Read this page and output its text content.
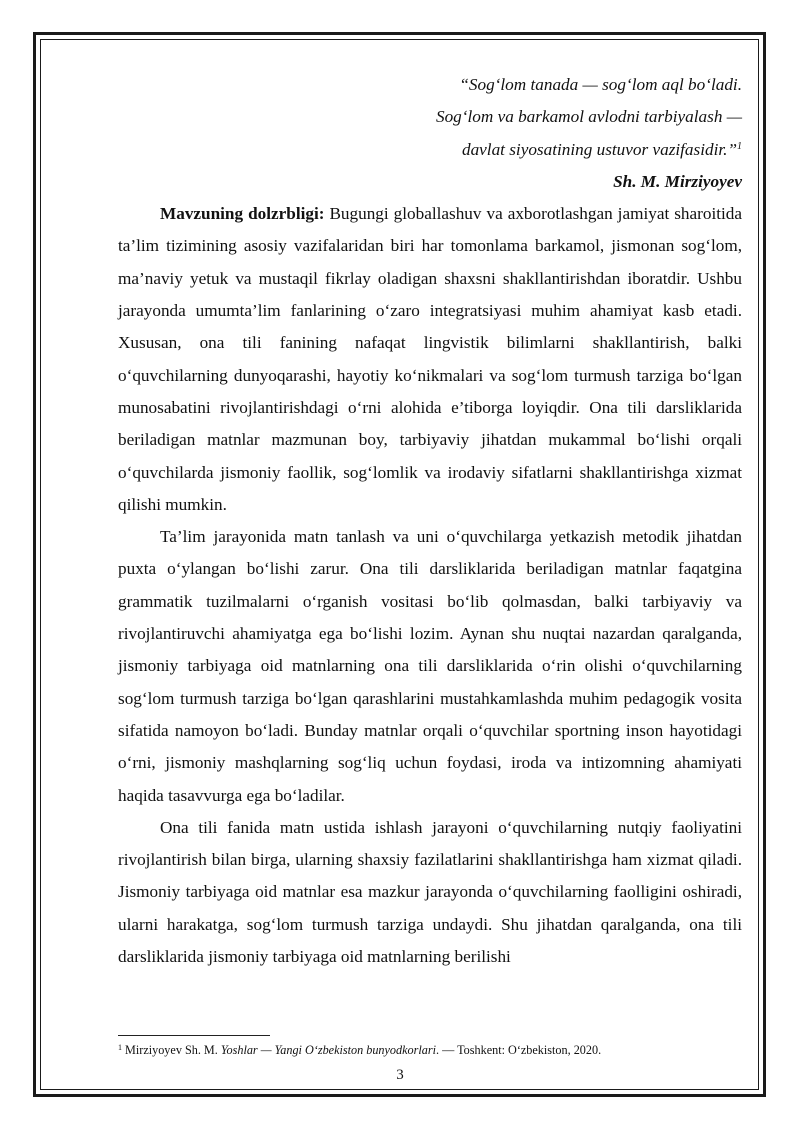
“Sog‘lom tanada — sog‘lom aql bo‘ladi.
Sog‘lom va barkamol avlodni tarbiyalash —
davlat siyosatining ustuvor vazifasidir.”$^1$
Sh. M. Mirziyoyev

Mavzuning dolzrbligi: Bugungi globallashuv va axborotlashgan jamiyat sharoitida ta’lim tizimining asosiy vazifalaridan biri har tomonlama barkamol, jismonan sog‘lom, ma’naviy yetuk va mustaqil fikrlay oladigan shaxsni shakllantirishdan iboratdir. Ushbu jarayonda umumta’lim fanlarining o‘zaro integratsiyasi muhim ahamiyat kasb etadi. Xususan, ona tili fanining nafaqat lingvistik bilimlarni shakllantirish, balki o‘quvchilarning dunyoqarashi, hayotiy ko‘nikmalari va sog‘lom turmush tarziga bo‘lgan munosabatini rivojlantirishdagi o‘rni alohida e’tiborga loyiqdir. Ona tili darsliklarida beriladigan matnlar mazmunan boy, tarbiyaviy jihatdan mukammal bo‘lishi orqali o‘quvchilarda jismoniy faollik, sog‘lomlik va irodaviy sifatlarni shakllantirishga xizmat qilishi mumkin.

Ta’lim jarayonida matn tanlash va uni o‘quvchilarga yetkazish metodik jihatdan puxta o‘ylangan bo‘lishi zarur. Ona tili darsliklarida beriladigan matnlar faqatgina grammatik tuzilmalarni o‘rganish vositasi bo‘lib qolmasdan, balki tarbiyaviy va rivojlantiruvchi ahamiyatga ega bo‘lishi lozim. Aynan shu nuqtai nazardan qaralganda, jismoniy tarbiyaga oid matnlarning ona tili darsliklarida o‘rin olishi o‘quvchilarning sog‘lom turmush tarziga bo‘lgan qarashlarini mustahkamlashda muhim pedagogik vosita sifatida namoyon bo‘ladi. Bunday matnlar orqali o‘quvchilar sportning inson hayotidagi o‘rni, jismoniy mashqlarning sog‘liq uchun foydasi, iroda va intizomning ahamiyati haqida tasavvurga ega bo‘ladilar.

Ona tili fanida matn ustida ishlash jarayoni o‘quvchilarning nutqiy faoliyatini rivojlantirish bilan birga, ularning shaxsiy fazilatlarini shakllantirishga ham xizmat qiladi. Jismoniy tarbiyaga oid matnlar esa mazkur jarayonda o‘quvchilarning faolligini oshiradi, ularni harakatga, sog‘lom turmush tarziga undaydi. Shu jihatdan qaralganda, ona tili darsliklarida jismoniy tarbiyaga oid matnlarning berilishi

$^1$ Mirziyoyev Sh. M. Yoshlar — Yangi O‘zbekiston bunyodkorlari. — Toshkent: O‘zbekiston, 2020.
3
